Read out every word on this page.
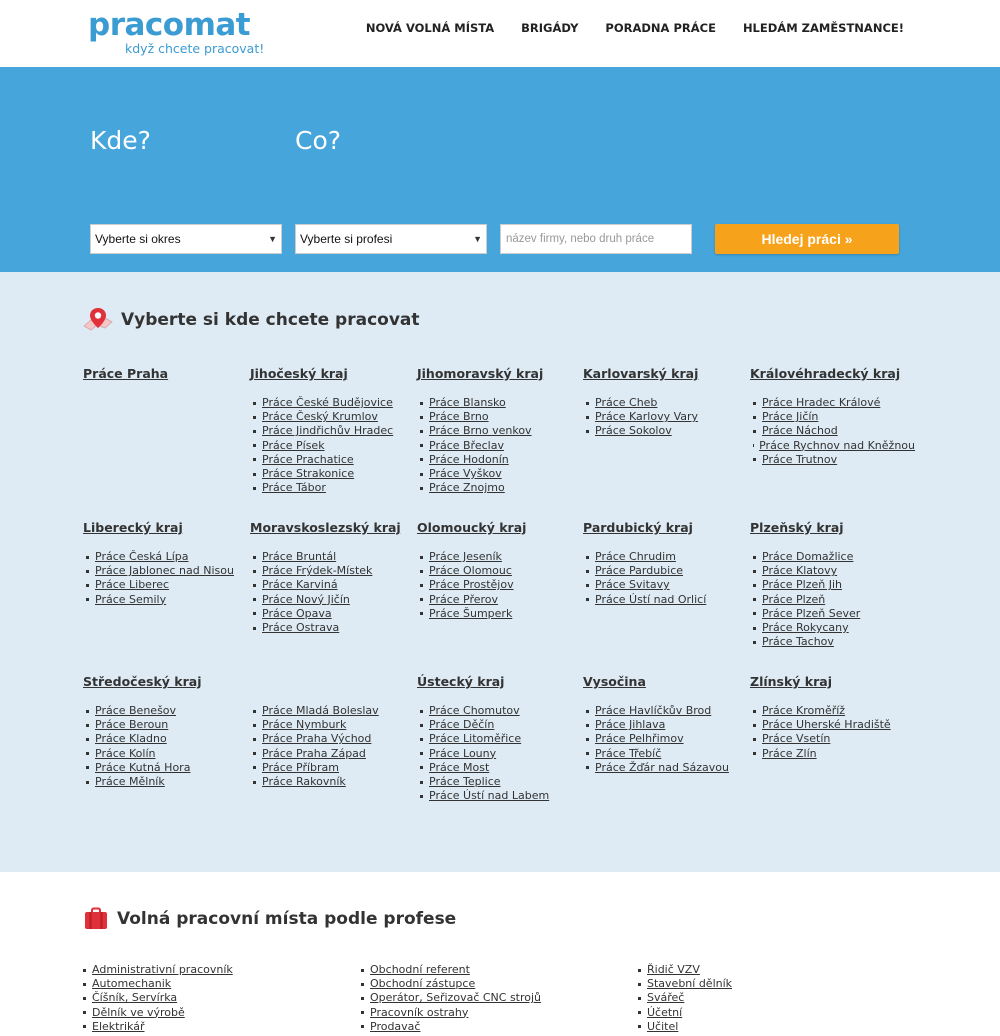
pracomat
když chcete pracovat!
NOVÁ VOLNÁ MÍSTA BRIGÁDY PORADNA PRÁCE HLEDÁM ZAMĚSTNANCE!
Kde?	Co?
Vyberte si okres	▼ Vyberte si profesi	▼ název firmy, nebo druh práce	Hledej práci »
Vyberte si kde chcete pracovat
Práce Praha	Jihočeský kraj
Práce České Budějovice
Práce Český Krumlov
Práce Jindřichův Hradec
Práce Písek
Práce Prachatice
Práce Strakonice
Práce Tábor
Jihomoravský kraj
Práce Blansko
Práce Brno
Práce Brno venkov
Práce Břeclav
Práce Hodonín
Práce Vyškov
Práce Znojmo
Karlovarský kraj
Práce Cheb
Práce Karlovy Vary
Práce Sokolov
Královéhradecký kraj
Práce Hradec Králové
Práce Jičín
Práce Náchod
Práce Rychnov nad Kněžnou
Práce Trutnov
Liberecký kraj
Práce Česká Lípa
Práce Jablonec nad Nisou
Práce Liberec
Práce Semily
Moravskoslezský kraj
Práce Bruntál
Práce Frýdek-Místek
Práce Karviná
Práce Nový Jičín
Práce Opava
Práce Ostrava
Olomoucký kraj
Práce Jeseník
Práce Olomouc
Práce Prostějov
Práce Přerov
Práce Šumperk
Pardubický kraj
Práce Chrudim
Práce Pardubice
Práce Svitavy
Práce Ústí nad Orlicí
Plzeňský kraj
Práce Domažlice
Práce Klatovy
Práce Plzeň Jih
Práce Plzeň
Práce Plzeň Sever
Práce Rokycany
Práce Tachov
Středočeský kraj
Práce Benešov
Práce Beroun
Práce Kladno
Práce Kolín
Práce Kutná Hora
Práce Mělník
Práce Mladá Boleslav
Práce Nymburk
Práce Praha Východ
Práce Praha Západ
Práce Příbram
Práce Rakovník
Ústecký kraj
Práce Chomutov
Práce Děčín
Práce Litoměřice
Práce Louny
Práce Most
Práce Teplice
Práce Ústí nad Labem
Vysočina
Práce Havlíčkův Brod
Práce Jihlava
Práce Pelhřimov
Práce Třebíč
Práce Žďár nad Sázavou
Zlínský kraj
Práce Kroměříž
Práce Uherské Hradiště
Práce Vsetín
Práce Zlín
Volná pracovní místa podle profese
Administrativní pracovník
Automechanik
Číšník, Servírka
Dělník ve výrobě
Elektrikář
Obchodní referent
Obchodní zástupce
Operátor, Seřizovač CNC strojů
Pracovník ostrahy
Prodavač
Řidič VZV
Stavební dělník
Svářeč
Účetní
Učitel
